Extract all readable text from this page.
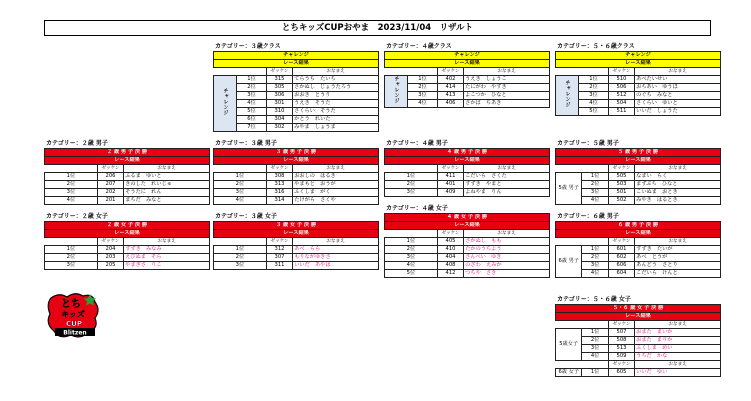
とちキッズCUPおやま　2023/11/04　リザルト
カテゴリー：３歳クラス
チャレンジ			
レース結果			
		ゼッケン	おなまえ
チャレンジ	1位	315	てらうち　たいち
	2位	305	さかぬし　じょうたろう
	3位	306	おおき　とうり
	4位	301	うえき　そうた
	5位	310	さくらい　そうた
	6位	304	かとう　れいた
	7位	302	みやま　しょうま
カテゴリー：４歳クラス
チャレンジ			
レース結果			
		ゼッケン	おなまえ
チャレンジ	1位	402	うえき　しょうこ
	2位	414	たにがわ　やすき
	3位	413	よこつか　ひなと
	4位	406	さかば　ちあき
カテゴリー：５・６歳クラス
チャレンジ			
レース結果			
		ゼッケン	おなまえ
チャレンジ	1位	510	あべたいせい
	2位	506	おちあい　ゆうほ
	3位	512	のぐち　みなと
	4位	504	さくらい　ゆいと
	5位	511	いいだ　しょうた
カテゴリー：２歳 男子
２ 歳 男 子 決 勝		
レース結果		
	ゼッケン	おなまえ
1位	206	ふるま　ゆいと
2位	207	きのした　れいじゅ
3位	202	そうたに　れん
4位	201	まちだ　みなと
カテゴリー：３歳 男子
３ 歳 男 子 決 勝		
レース結果		
	ゼッケン	おなまえ
1位	308	おおしの　はるき
2位	313	やまもと　おうが
3位	316	ふくしま　がく
4位	314	たけがら　さくや
カテゴリー：４歳 男子
４ 歳 男 子 決 勝		
レース結果		
	ゼッケン	おなまえ
1位	411	こだいら　さくた
2位	401	すずき　やまと
3位	409	よねやま　りん
カテゴリー：５歳 男子
５ 歳 男 子 決 勝			
レース結果			
		ゼッケン	おなまえ
5歳 男子	1位	505	なまい　らく
	2位	503	まずぶち　ひなと
	3位	501	こいぬま　おとき
	4位	502	みやき　はるとき
カテゴリー：２歳 女子
２ 歳 女 子 決 勝		
レース結果		
	ゼッケン	おなまえ
1位	204	すずき　みなみ
2位	203	えびぬま　そら
3位	205	やまぎさ　りこ
カテゴリー：３歳 女子
３ 歳 女 子 決 勝		
レース結果		
	ゼッケン	おなまえ
1位	312	あべ　らら
2位	307	もりながゆきさ
3位	311	いいだ　あやは
カテゴリー：４歳 女子
４ 歳 女 子 決 勝		
レース結果		
	ゼッケン	おなまえ
1位	405	さかぬし　もも
2位	410	たかのうちよう
3位	404	さんぺい　ゆき
4位	408	のざわ　えみか
5位	412	つちや　さき
カテゴリー：６歳 男子
６ 歳 男 子 決 勝			
レース結果			
		ゼッケン	おなまえ
6歳 男子	1位	601	すずき　たいが
	2位	602	あべ　とうが
	3位	606	あんどう　さとり
	4位	604	こだいら　けんと
カテゴリー：５・６歳 女子
５・６ 歳 女 子 決 勝			
レース結果			
		ゼッケン	おなまえ
5歳女子	1位	507	おまた　まいか
	2位	508	おまた　まりか
	3位	513	ふくしま　めい
	4位	509	うちだ　かな
		ゼッケン	おなまえ
6歳 女子	1位	605	いいだ　ゆい
とち
キッズ
CUP
Blitzen
